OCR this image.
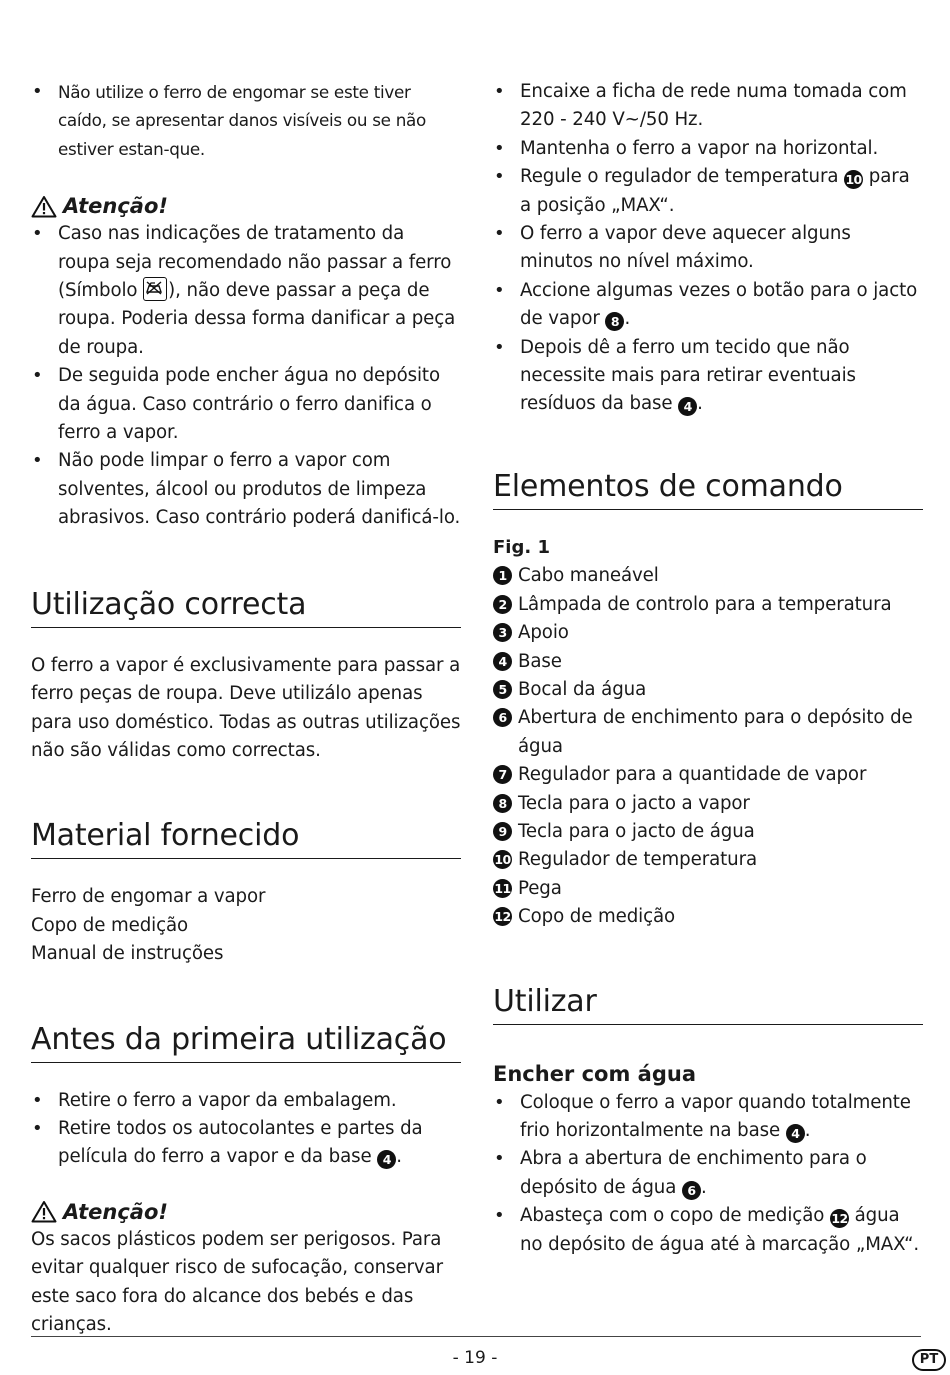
• Não utilize o ferro de engomar se este tiver caído, se apresentar danos visíveis ou se não estiver estan-que.
Atenção!
• Caso nas indicações de tratamento da roupa seja recomendado não passar a ferro (Símbolo
), não deve passar a peça de roupa. Poderia dessa forma danificar a peça de roupa.
• De seguida pode encher água no depósito da água. Caso contrário o ferro danifica o ferro a vapor.
• Não pode limpar o ferro a vapor com solventes, álcool ou produtos de limpeza abrasivos. Caso contrário poderá danificá-lo.
Utilização correcta

O ferro a vapor é exclusivamente para passar a ferro peças de roupa. Deve utilizálo apenas para uso doméstico. Todas as outras utilizações não são válidas como correctas.

Material fornecido
Ferro de engomar a vapor
Copo de medição
Manual de instruções
Antes da primeira utilização
• Retire o ferro a vapor da embalagem.
• Retire todos os autocolantes e partes da película do ferro a vapor e da base 4 .
Atenção!

Os sacos plásticos podem ser perigosos. Para evitar qualquer risco de sufocação, conservar este saco fora do alcance dos bebés e das crianças.

• Encaixe a ficha de rede numa tomada com 220 - 240 V~/50 Hz.
• Mantenha o ferro a vapor na horizontal.
• Regule o regulador de temperatura 10 para a posição „MAX“.
• O ferro a vapor deve aquecer alguns minutos no nível máximo.
• Accione algumas vezes o botão para o jacto de vapor 8 .
• Depois dê a ferro um tecido que não necessite mais para retirar eventuais resíduos da base 4 .
Elementos de comando
Fig. 1
1 Cabo maneável
2 Lâmpada de controlo para a temperatura
3 Apoio
4 Base
5 Bocal da água
6 Abertura de enchimento para o depósito de água
7 Regulador para a quantidade de vapor
8 Tecla para o jacto a vapor
9 Tecla para o jacto de água
10 Regulador de temperatura
11 Pega
12 Copo de medição
Utilizar
Encher com água
• Coloque o ferro a vapor quando totalmente frio horizontalmente na base 4 .
• Abra a abertura de enchimento para o depósito de água 6 .
• Abasteça com o copo de medição 12 água no depósito de água até à marcação „MAX“.
- 19 -	PT
